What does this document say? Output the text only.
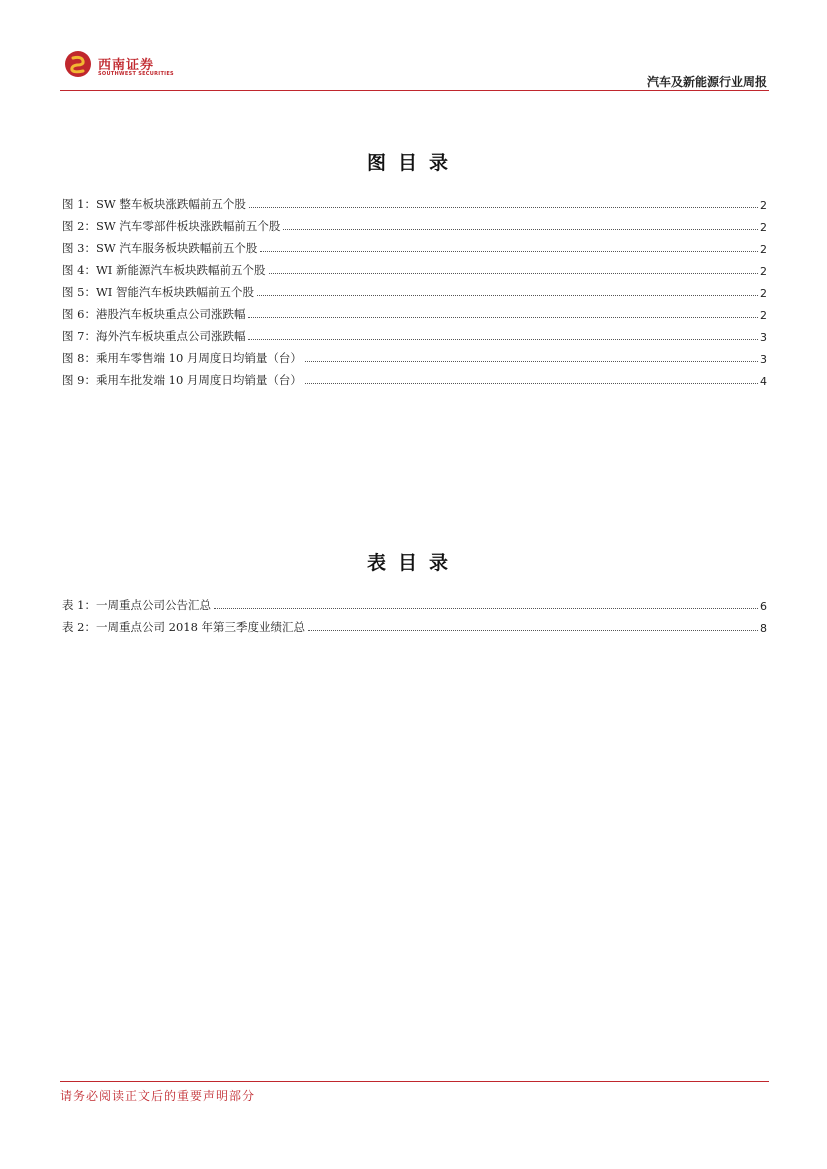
西南证券
SOUTHWEST SECURITIES
汽车及新能源行业周报
图目录
图 1：SW 整车板块涨跌幅前五个股	2
图 2：SW 汽车零部件板块涨跌幅前五个股	2
图 3：SW 汽车服务板块跌幅前五个股	2
图 4：WI 新能源汽车板块跌幅前五个股	2
图 5：WI 智能汽车板块跌幅前五个股	2
图 6：港股汽车板块重点公司涨跌幅	2
图 7：海外汽车板块重点公司涨跌幅	3
图 8：乘用车零售端 10 月周度日均销量（台）	3
图 9：乘用车批发端 10 月周度日均销量（台）	4
表目录
表 1：一周重点公司公告汇总	6
表 2：一周重点公司 2018 年第三季度业绩汇总	8
请务必阅读正文后的重要声明部分
